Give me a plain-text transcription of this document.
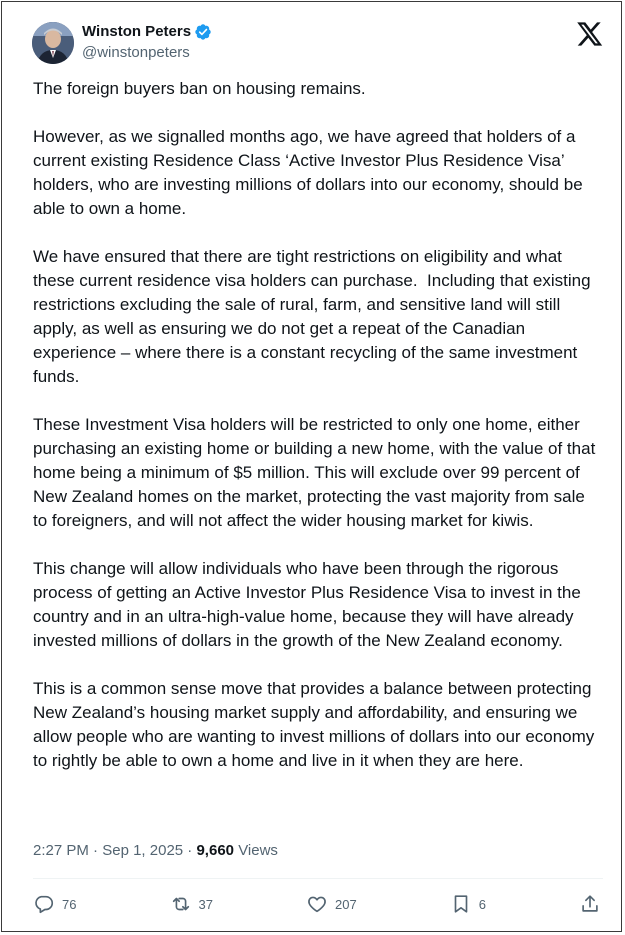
Winston Peters
@winstonpeters

The foreign buyers ban on housing remains.

However, as we signalled months ago, we have agreed that holders of a current existing Residence Class ‘Active Investor Plus Residence Visa’ holders, who are investing millions of dollars into our economy, should be able to own a home.

We have ensured that there are tight restrictions on eligibility and what these current residence visa holders can purchase.  Including that existing restrictions excluding the sale of rural, farm, and sensitive land will still apply, as well as ensuring we do not get a repeat of the Canadian experience – where there is a constant recycling of the same investment funds.

These Investment Visa holders will be restricted to only one home, either purchasing an existing home or building a new home, with the value of that home being a minimum of $5 million. This will exclude over 99 percent of New Zealand homes on the market, protecting the vast majority from sale to foreigners, and will not affect the wider housing market for kiwis.

This change will allow individuals who have been through the rigorous process of getting an Active Investor Plus Residence Visa to invest in the country and in an ultra-high-value home, because they will have already invested millions of dollars in the growth of the New Zealand economy.

This is a common sense move that provides a balance between protecting New Zealand’s housing market supply and affordability, and ensuring we allow people who are wanting to invest millions of dollars into our economy to rightly be able to own a home and live in it when they are here.

2:27 PM · Sep 1, 2025 · 9,660 Views
76	37	207	6
